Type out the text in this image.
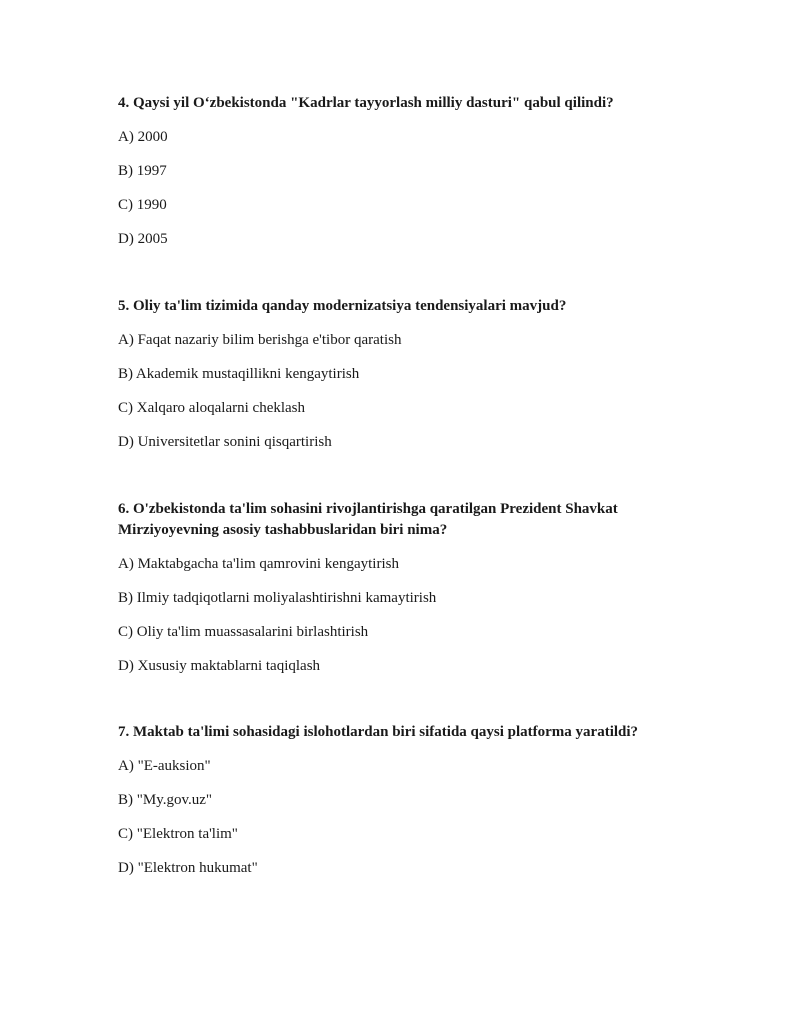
4. Qaysi yil O‘zbekistonda "Kadrlar tayyorlash milliy dasturi" qabul qilindi?

A) 2000

B) 1997

C) 1990

D) 2005

5. Oliy ta'lim tizimida qanday modernizatsiya tendensiyalari mavjud?

A) Faqat nazariy bilim berishga e'tibor qaratish

B) Akademik mustaqillikni kengaytirish

C) Xalqaro aloqalarni cheklash

D) Universitetlar sonini qisqartirish

6. O'zbekistonda ta'lim sohasini rivojlantirishga qaratilgan Prezident Shavkat Mirziyoyevning asosiy tashabbuslaridan biri nima?

A) Maktabgacha ta'lim qamrovini kengaytirish

B) Ilmiy tadqiqotlarni moliyalashtirishni kamaytirish

C) Oliy ta'lim muassasalarini birlashtirish

D) Xususiy maktablarni taqiqlash

7. Maktab ta'limi sohasidagi islohotlardan biri sifatida qaysi platforma yaratildi?

A) "E-auksion"

B) "My.gov.uz"

C) "Elektron ta'lim"

D) "Elektron hukumat"
